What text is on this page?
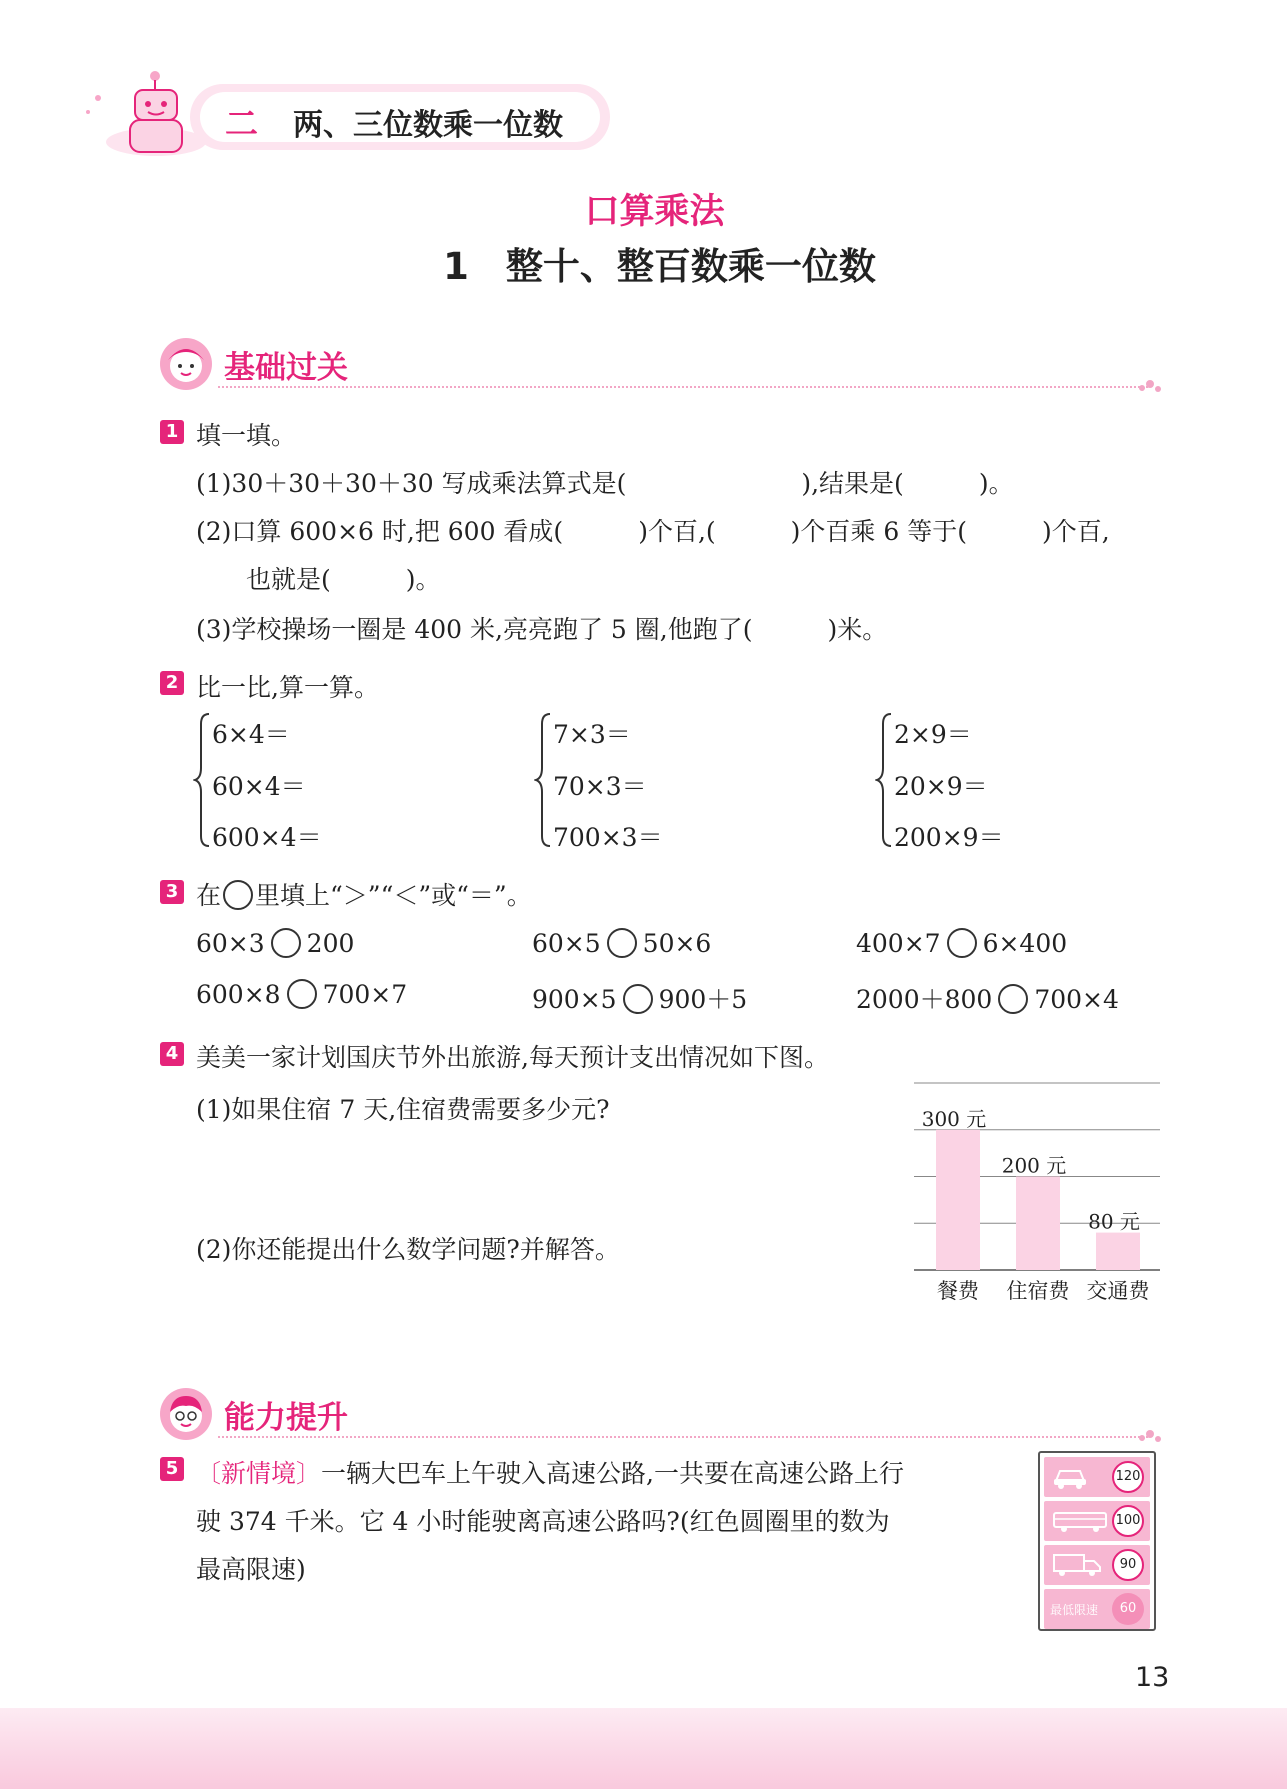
二 两、三位数乘一位数
口算乘法
1　整十、整百数乘一位数
基础过关
1 填一填。
(1)30＋30＋30＋30 写成乘法算式是(　　　　　　　),结果是(　　　)。
(2)口算 600×6 时,把 600 看成(　　　)个百,(　　　)个百乘 6 等于(　　　)个百,
也就是(　　　)。
(3)学校操场一圈是 400 米,亮亮跑了 5 圈,他跑了(　　　)米。
2 比一比,算一算。
6×4＝
60×4＝
600×4＝
7×3＝
70×3＝
700×3＝
2×9＝
20×9＝
200×9＝
3 在 里填上“＞”“＜”或“＝”。
60×3 200	60×5 50×6	400×7 6×400
600×8 700×7	900×5 900＋5	2000＋800 700×4
4 美美一家计划国庆节外出旅游,每天预计支出情况如下图。
(1)如果住宿 7 天,住宿费需要多少元?
(2)你还能提出什么数学问题?并解答。
300 元
餐费
200 元
住宿费
80 元
交通费
能力提升
5 〔新情境〕一辆大巴车上午驶入高速公路,一共要在高速公路上行
驶 374 千米。它 4 小时能驶离高速公路吗?(红色圆圈里的数为
最高限速)
120
100
90
最低限速	60
13
